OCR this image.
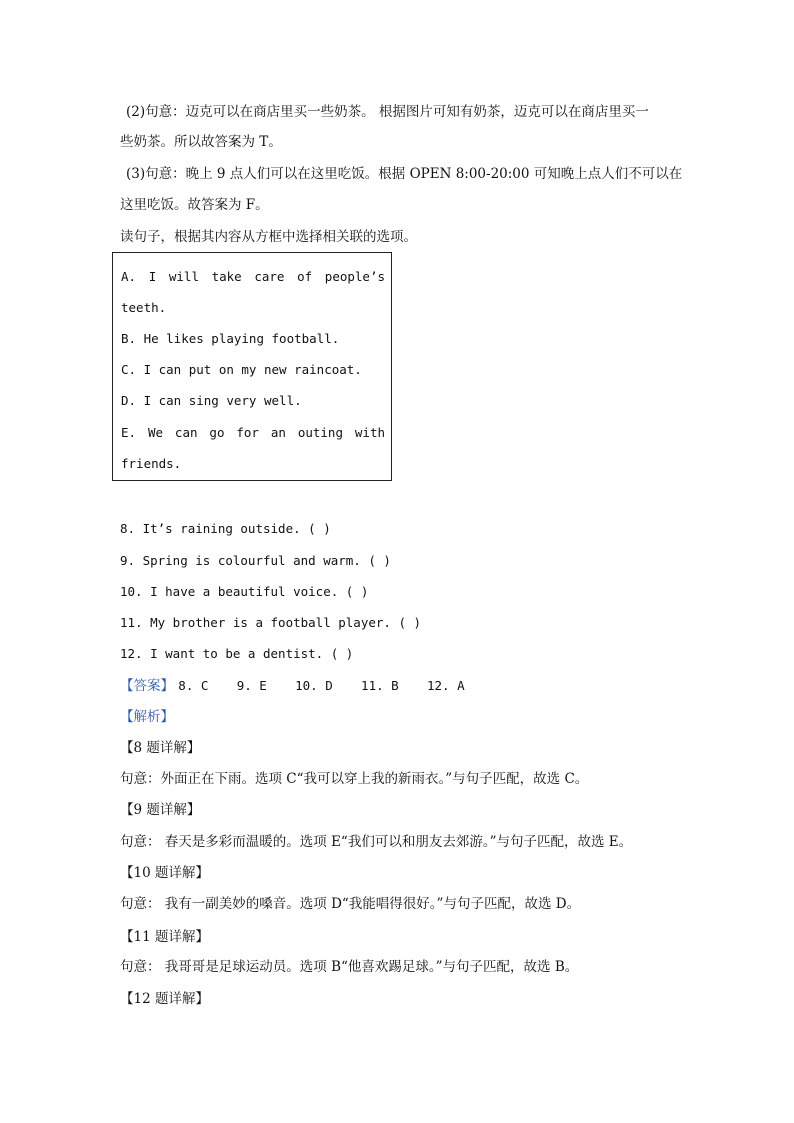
(2)句意：迈克可以在商店里买一些奶茶。 根据图片可知有奶茶，迈克可以在商店里买一
些奶茶。所以故答案为 T。
(3)句意：晚上 9 点人们可以在这里吃饭。根据 OPEN 8:00-20:00 可知晚上点人们不可以在
这里吃饭。故答案为 F。
读句子，根据其内容从方框中选择相关联的选项。
A. I will take care of people’s
teeth.
B. He likes playing football.
C. I can put on my new raincoat.
D. I can sing very well.
E. We can go for an outing with
friends.
8. It’s raining outside. ( )
9. Spring is colourful and warm. ( )
10. I have a beautiful voice. ( )
11. My brother is a football player. ( )
12. I want to be a dentist. ( )
【答案】 8. C 9. E 10. D 11. B 12. A
【解析】
【8 题详解】
句意：外面正在下雨。选项 C“我可以穿上我的新雨衣。”与句子匹配，故选 C。
【9 题详解】
句意： 春天是多彩而温暖的。选项 E“我们可以和朋友去郊游。”与句子匹配，故选 E。
【10 题详解】
句意： 我有一副美妙的嗓音。选项 D“我能唱得很好。”与句子匹配，故选 D。
【11 题详解】
句意： 我哥哥是足球运动员。选项 B“他喜欢踢足球。”与句子匹配，故选 B。
【12 题详解】
